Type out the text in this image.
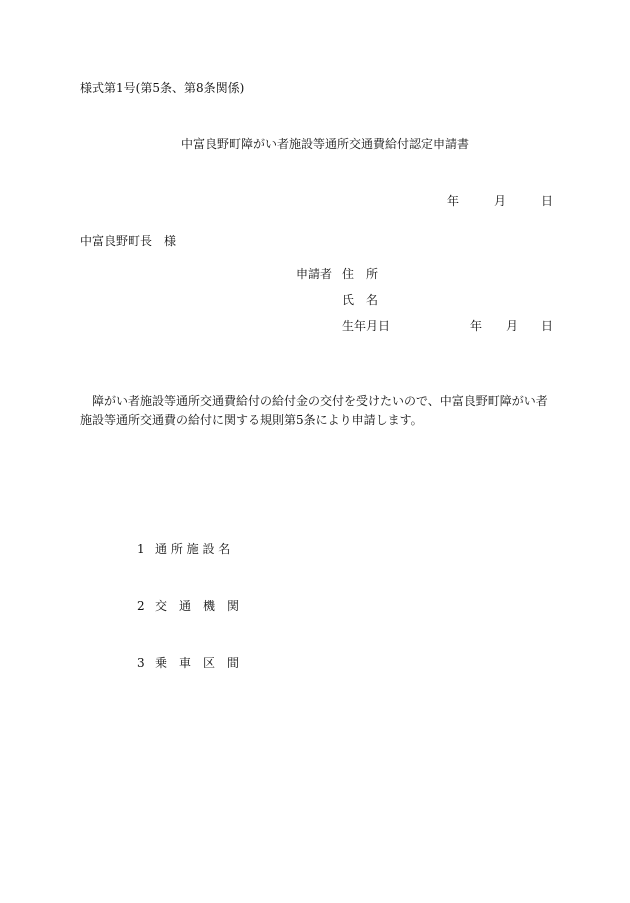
様式第1号(第5条、第8条関係)
中富良野町障がい者施設等通所交通費給付認定申請書
年	月	日
中富良野町長　様
申請者 住　所
氏　名
生年月日	年 月 日
障がい者施設等通所交通費給付の給付金の交付を受けたいので、中富良野町障がい者施設等通所交通費の給付に関する規則第5条により申請します。
1 通 所 施 設 名
2 交　通　機　関
3 乗　車　区　間
